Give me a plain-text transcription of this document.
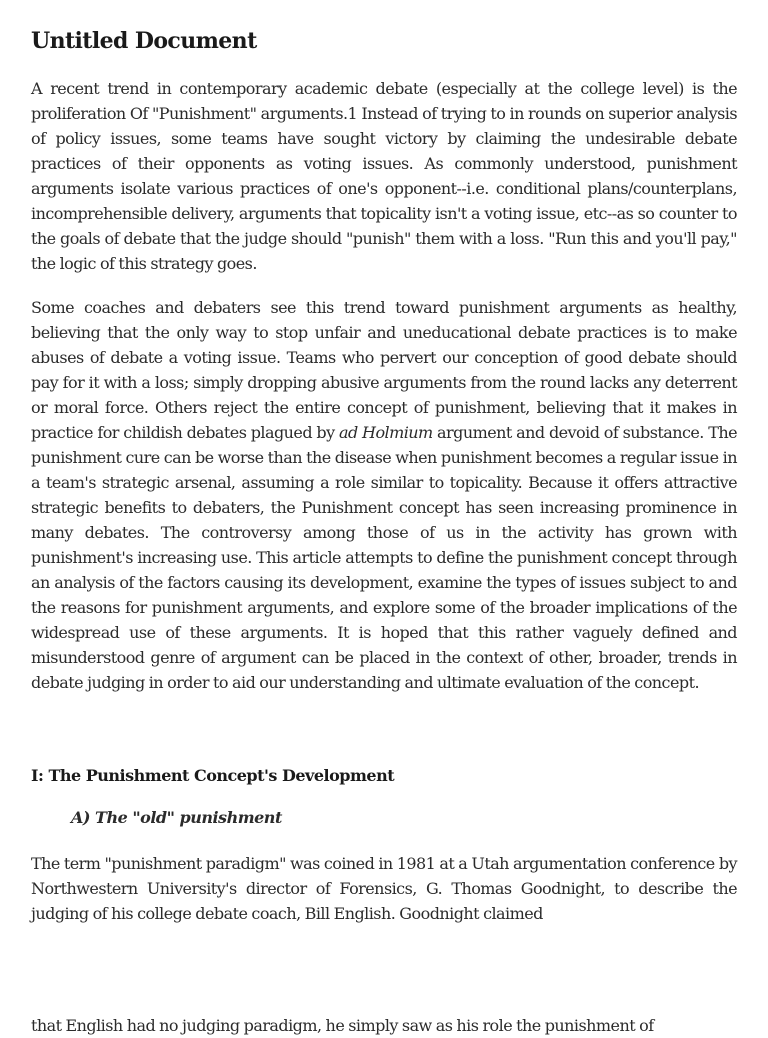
Untitled Document

A recent trend in contemporary academic debate (especially at the college level) is the proliferation Of "Punishment" arguments.1 Instead of trying to in rounds on superior analysis of policy issues, some teams have sought victory by claiming the undesirable debate practices of their opponents as voting issues. As commonly understood, punishment arguments isolate various practices of one's opponent--i.e. conditional plans/counterplans, incomprehensible delivery, arguments that topicality isn't a voting issue, etc--as so counter to the goals of debate that the judge should "punish" them with a loss. "Run this and you'll pay," the logic of this strategy goes.

Some coaches and debaters see this trend toward punishment arguments as healthy, believing that the only way to stop unfair and uneducational debate practices is to make abuses of debate a voting issue. Teams who pervert our conception of good debate should pay for it with a loss; simply dropping abusive arguments from the round lacks any deterrent or moral force. Others reject the entire concept of punishment, believing that it makes in practice for childish debates plagued by ad Holmium argument and devoid of substance. The punishment cure can be worse than the disease when punishment becomes a regular issue in a team's strategic arsenal, assuming a role similar to topicality. Because it offers attractive strategic benefits to debaters, the Punishment concept has seen increasing prominence in many debates. The controversy among those of us in the activity has grown with punishment's increasing use. This article attempts to define the punishment concept through an analysis of the factors causing its development, examine the types of issues subject to and the reasons for punishment arguments, and explore some of the broader implications of the widespread use of these arguments. It is hoped that this rather vaguely defined and misunderstood genre of argument can be placed in the context of other, broader, trends in debate judging in order to aid our understanding and ultimate evaluation of the concept.

I: The Punishment Concept's Development
A) The "old" punishment

The term "punishment paradigm" was coined in 1981 at a Utah argumentation conference by Northwestern University's director of Forensics, G. Thomas Goodnight, to describe the judging of his college debate coach, Bill English. Goodnight claimed

that English had no judging paradigm, he simply saw as his role the punishment of
